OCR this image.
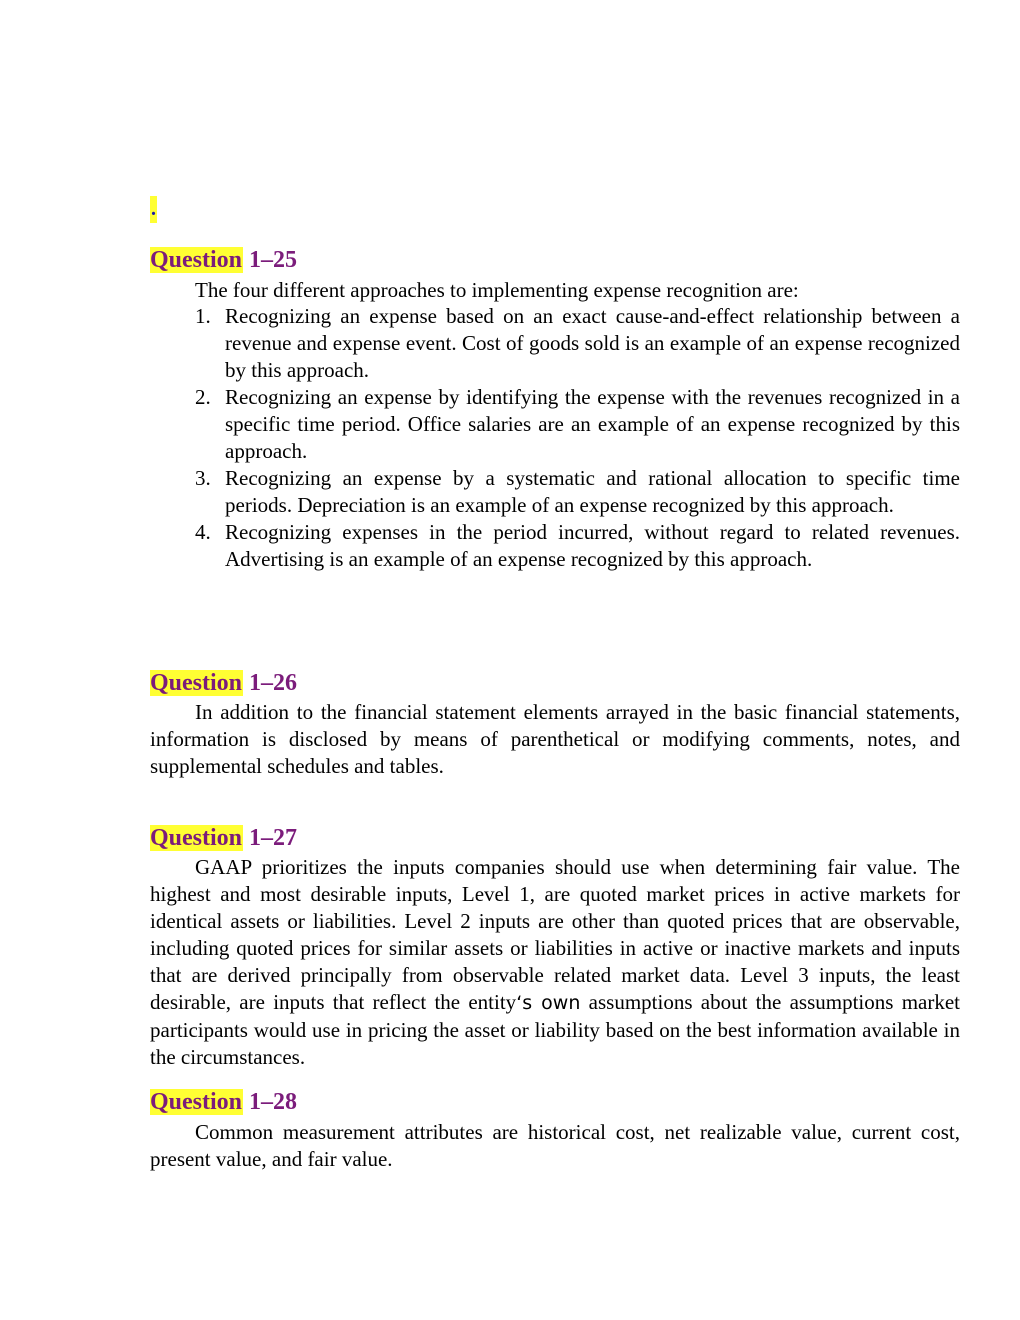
.
Question 1–25
The four different approaches to implementing expense recognition are:
1. Recognizing an expense based on an exact cause-and-effect relationship between a revenue and expense event. Cost of goods sold is an example of an expense recognized by this approach.
2. Recognizing an expense by identifying the expense with the revenues recognized in a specific time period. Office salaries are an example of an expense recognized by this approach.
3. Recognizing an expense by a systematic and rational allocation to specific time periods. Depreciation is an example of an expense recognized by this approach.
4. Recognizing expenses in the period incurred, without regard to related revenues. Advertising is an example of an expense recognized by this approach.
Question 1–26

In addition to the financial statement elements arrayed in the basic financial statements, information is disclosed by means of parenthetical or modifying comments, notes, and supplemental schedules and tables.

Question 1–27

GAAP prioritizes the inputs companies should use when determining fair value. The highest and most desirable inputs, Level 1, are quoted market prices in active markets for identical assets or liabilities. Level 2 inputs are other than quoted prices that are observable, including quoted prices for similar assets or liabilities in active or inactive markets and inputs that are derived principally from observable related market data. Level 3 inputs, the least desirable, are inputs that reflect the entity‘s own assumptions about the assumptions market participants would use in pricing the asset or liability based on the best information available in the circumstances.

Question 1–28

Common measurement attributes are historical cost, net realizable value, current cost, present value, and fair value.
